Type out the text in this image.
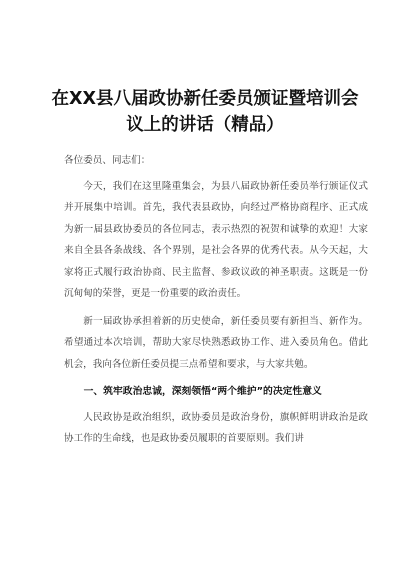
在XX县八届政协新任委员颁证暨培训会
议上的讲话（精品）

各位委员、同志们：

今天，我们在这里隆重集会，为县八届政协新任委员举行颁证仪式并开展集中培训。首先，我代表县政协，向经过严格协商程序、正式成为新一届县政协委员的各位同志，表示热烈的祝贺和诚挚的欢迎！大家来自全县各条战线、各个界别，是社会各界的优秀代表。从今天起，大家将正式履行政治协商、民主监督、参政议政的神圣职责。这既是一份沉甸甸的荣誉，更是一份重要的政治责任。

新一届政协承担着新的历史使命，新任委员要有新担当、新作为。希望通过本次培训，帮助大家尽快熟悉政协工作、进入委员角色。借此机会，我向各位新任委员提三点希望和要求，与大家共勉。

一、筑牢政治忠诚，深刻领悟“两个维护”的决定性意义

人民政协是政治组织，政协委员是政治身份，旗帜鲜明讲政治是政协工作的生命线，也是政协委员履职的首要原则。我们讲
